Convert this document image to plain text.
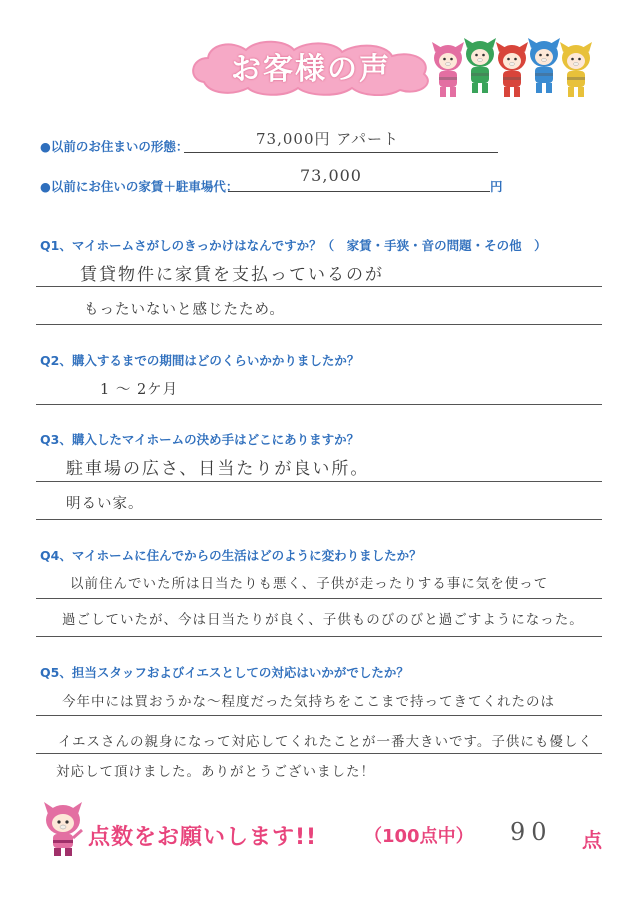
お客様の声
●以前のお住まいの形態：	73,000円 アパート
●以前にお住いの家賃＋駐車場代：
73,000
円
Q1、マイホームさがしのきっかけはなんですか？（　家賃・手狭・音の問題・その他　）
賃貸物件に家賃を支払っているのが
もったいないと感じたため。
Q2、購入するまでの期間はどのくらいかかりましたか？
1 ～ 2ケ月
Q3、購入したマイホームの決め手はどこにありますか？
駐車場の広さ、日当たりが良い所。
明るい家。
Q4、マイホームに住んでからの生活はどのように変わりましたか？
以前住んでいた所は日当たりも悪く、子供が走ったりする事に気を使って
過ごしていたが、今は日当たりが良く、子供ものびのびと過ごすようになった。
Q5、担当スタッフおよびイエスとしての対応はいかがでしたか？
今年中には買おうかな～程度だった気持ちをここまで持ってきてくれたのは
イエスさんの親身になって対応してくれたことが一番大きいです。子供にも優しく
対応して頂けました。ありがとうございました！
点数をお願いします!!	（100点中） 90 点
